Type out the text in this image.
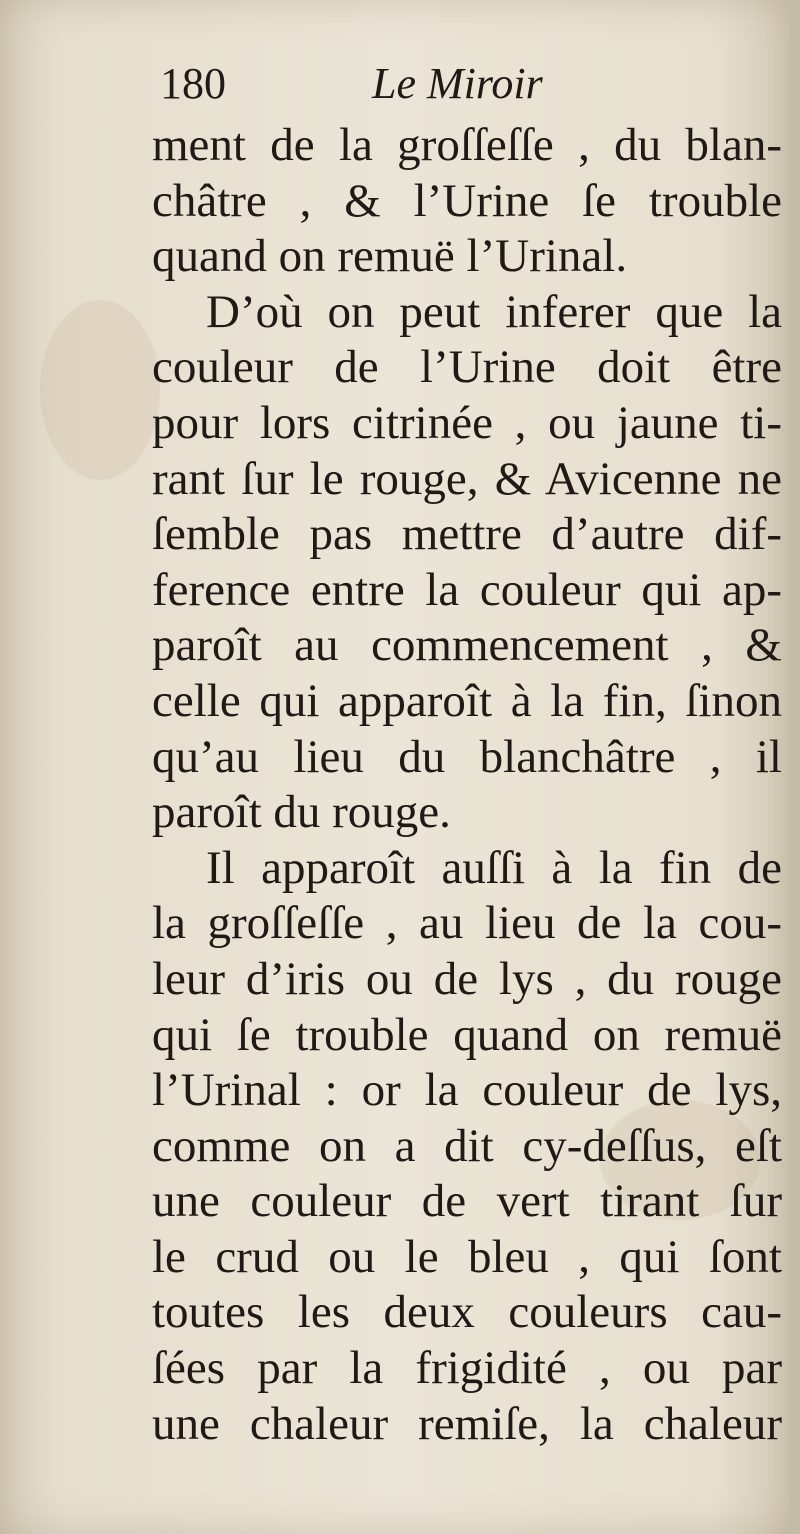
180	Le Miroir
ment de la groſſeſſe , du blan-
châtre , & l’Urine ſe trouble
quand on remuë l’Urinal.
D’où on peut inferer que la
couleur de l’Urine doit être
pour lors citrinée , ou jaune ti-
rant ſur le rouge, & Avicenne ne
ſemble pas mettre d’autre dif-
ference entre la couleur qui ap-
paroît au commencement , &
celle qui apparoît à la fin, ſinon
qu’au lieu du blanchâtre , il
paroît du rouge.
Il apparoît auſſi à la fin de
la groſſeſſe , au lieu de la cou-
leur d’iris ou de lys , du rouge
qui ſe trouble quand on remuë
l’Urinal : or la couleur de lys,
comme on a dit cy-deſſus, eſt
une couleur de vert tirant ſur
le crud ou le bleu , qui ſont
toutes les deux couleurs cau-
ſées par la frigidité , ou par
une chaleur remiſe, la chaleur
